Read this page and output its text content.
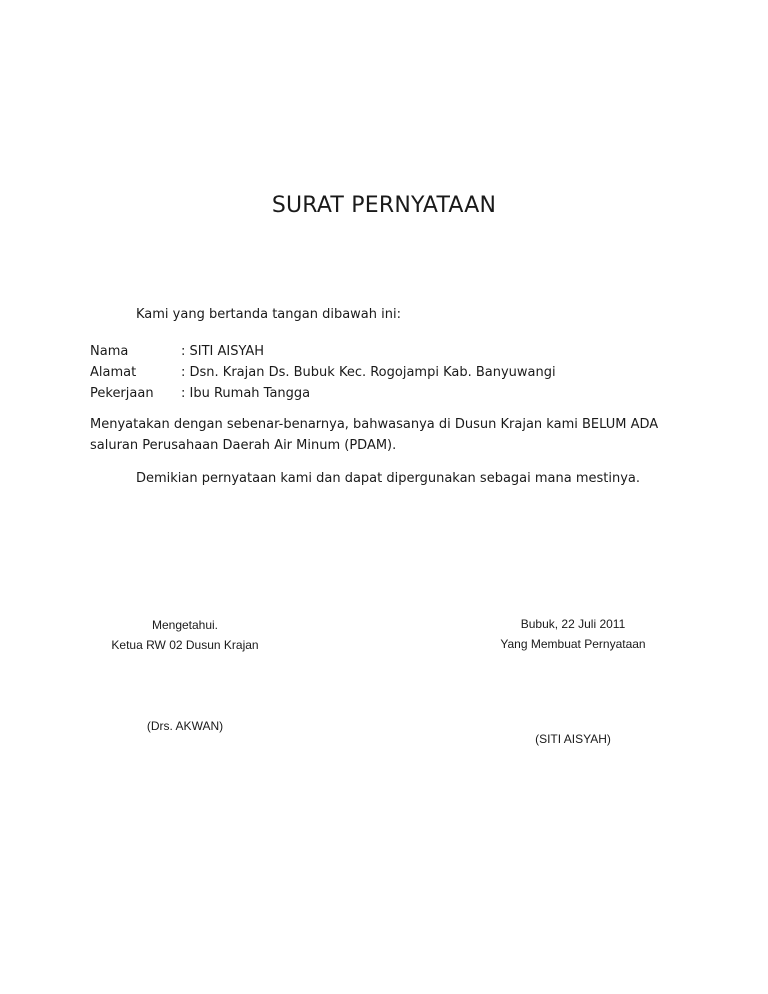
SURAT PERNYATAAN
Kami yang bertanda tangan dibawah ini:
Nama	: SITI AISYAH
Alamat	: Dsn. Krajan Ds. Bubuk Kec. Rogojampi Kab. Banyuwangi
Pekerjaan	: Ibu Rumah Tangga
Menyatakan dengan sebenar-benarnya, bahwasanya di Dusun Krajan kami BELUM ADA saluran Perusahaan Daerah Air Minum (PDAM).
Demikian pernyataan kami dan dapat dipergunakan sebagai mana mestinya.
Mengetahui.
Ketua RW 02 Dusun Krajan
Bubuk, 22 Juli 2011
Yang Membuat Pernyataan
(Drs. AKWAN)
(SITI AISYAH)
